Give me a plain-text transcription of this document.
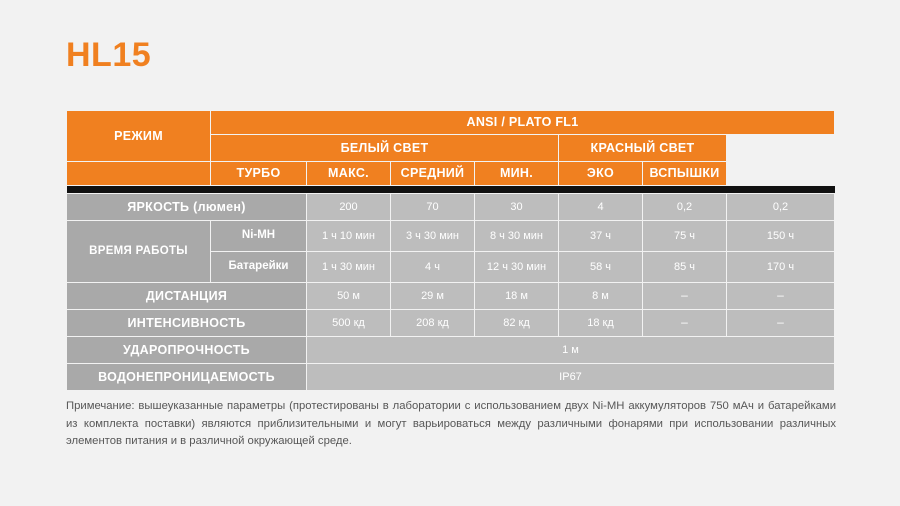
HL15
РЕЖИМ	ANSI / PLATO FL1						
	БЕЛЫЙ СВЕТ				КРАСНЫЙ СВЕТ		
	ТУРБО	МАКС.	СРЕДНИЙ	МИН.	ЭКО	ВСПЫШКИ	

ЯРКОСТЬ (люмен)		200	70	30	4	0,2	0,2

ВРЕМЯ РАБОТЫ	Ni-MH	1 ч 10 мин	3 ч 30 мин	8 ч 30 мин	37 ч	75 ч	150 ч
	Батарейки	1 ч 30 мин	4 ч	12 ч 30 мин	58 ч	85 ч	170 ч
ДИСТАНЦИЯ		50 м	29 м	18 м	8 м	–	–
ИНТЕНСИВНОСТЬ		500 кд	208 кд	82 кд	18 кд	–	–
УДАРОПРОЧНОСТЬ		1 м					
ВОДОНЕПРОНИЦАЕМОСТЬ		IP67					
Примечание: вышеуказанные параметры (протестированы в лаборатории с использованием двух Ni-MH аккумуляторов 750 мАч и батарейками из комплекта поставки) являются приблизительными и могут варьироваться между различными фонарями при использовании различных элементов питания и в различной окружающей среде.
